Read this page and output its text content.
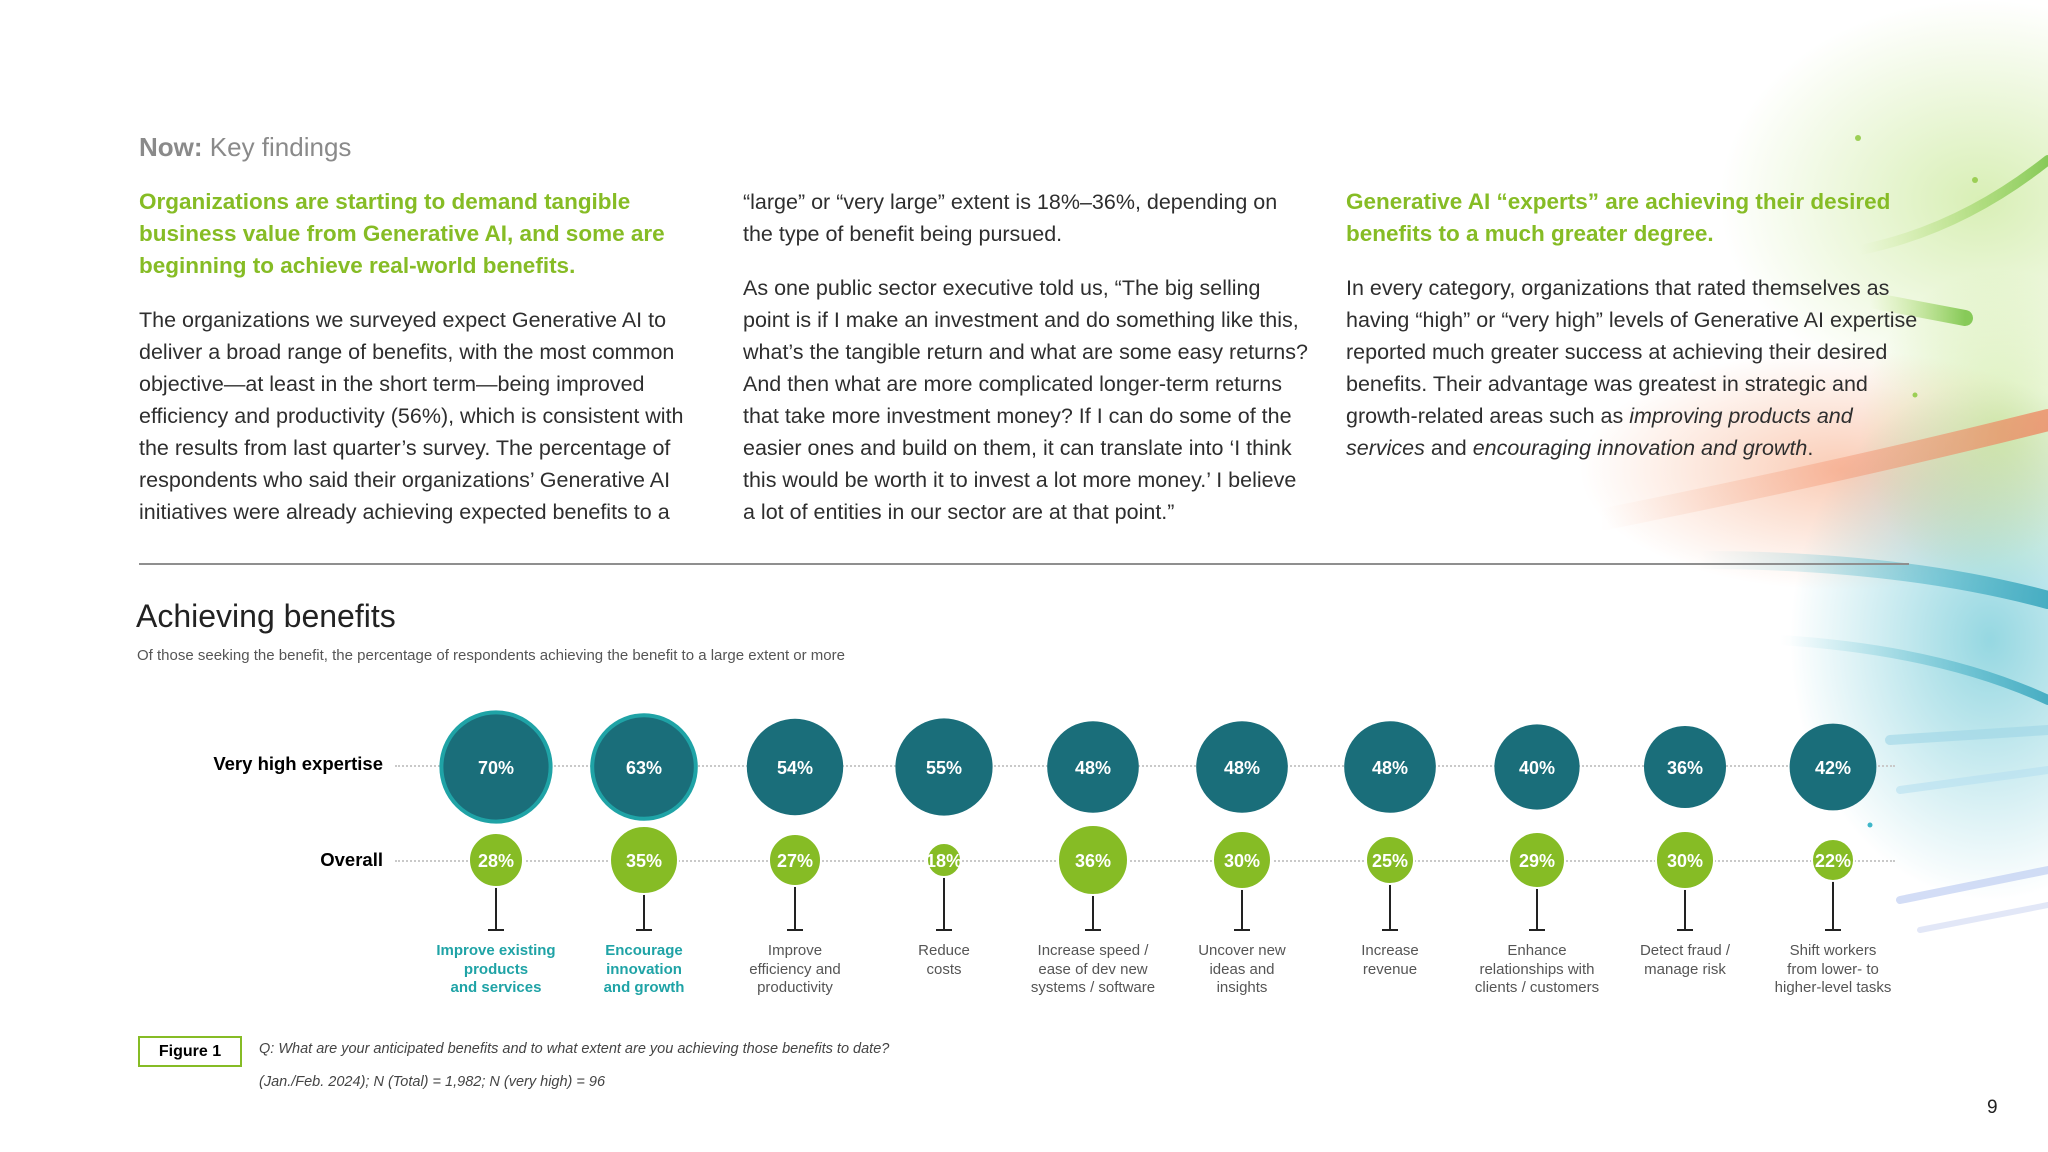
Now: Key findings

Organizations are starting to demand tangible business value from Generative AI, and some are beginning to achieve real-world benefits.

The organizations we surveyed expect Generative AI to deliver a broad range of benefits, with the most common objective—at least in the short term—being improved efficiency and productivity (56%), which is consistent with the results from last quarter’s survey. The percentage of respondents who said their organizations’ Generative AI initiatives were already achieving expected benefits to a

“large” or “very large” extent is 18%–36%, depending on the type of benefit being pursued.

As one public sector executive told us, “The big selling point is if I make an investment and do something like this, what’s the tangible return and what are some easy returns? And then what are more complicated longer-term returns that take more investment money? If I can do some of the easier ones and build on them, it can translate into ‘I think this would be worth it to invest a lot more money.’ I believe a lot of entities in our sector are at that point.”

Generative AI “experts” are achieving their desired benefits to a much greater degree.

In every category, organizations that rated themselves as having “high” or “very high” levels of Generative AI expertise reported much greater success at achieving their desired benefits. Their advantage was greatest in strategic and growth-related areas such as improving products and services and encouraging innovation and growth.

Achieving benefits
Of those seeking the benefit, the percentage of respondents achieving the benefit to a large extent or more
Very high expertise
Overall
70%
28%
63%
35%
54%
27%
55%
18%
48%
36%
48%
30%
48%
25%
40%
29%
36%
30%
42%
22%
Improve existing
products
and services
Encourage
innovation
and growth
Improve
efficiency and
productivity
Reduce
costs
Increase speed /
ease of dev new
systems / software
Uncover new
ideas and
insights
Increase
revenue
Enhance
relationships with
clients / customers
Detect fraud /
manage risk
Shift workers
from lower- to
higher-level tasks
Figure 1	Q: What are your anticipated benefits and to what extent are you achieving those benefits to date?
(Jan./Feb. 2024); N (Total) = 1,982; N (very high) = 96
9
